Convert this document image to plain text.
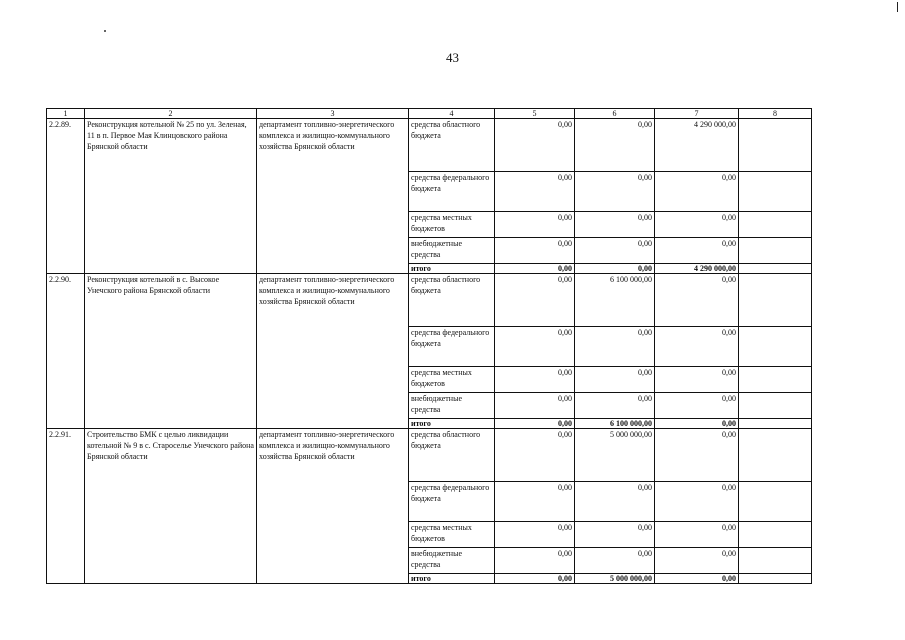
43
1	2	3	4	5	6	7	8
2.2.89.	Реконструкция котельной № 25 по ул. Зеленая, 11 в п. Первое Мая Клинцовского района Брянской области	департамент топливно-энергетического комплекса и жилищно-коммунального хозяйства Брянской области	средства областного бюджета	0,00	0,00	4 290 000,00	
			средства федерального бюджета	0,00	0,00	0,00	
			средства местных бюджетов	0,00	0,00	0,00	
			внебюджетные средства	0,00	0,00	0,00	
			итого	0,00	0,00	4 290 000,00	
2.2.90.	Реконструкция котельной в с. Высокое Унечского района Брянской области	департамент топливно-энергетического комплекса и жилищно-коммунального хозяйства Брянской области	средства областного бюджета	0,00	6 100 000,00	0,00	
			средства федерального бюджета	0,00	0,00	0,00	
			средства местных бюджетов	0,00	0,00	0,00	
			внебюджетные средства	0,00	0,00	0,00	
			итого	0,00	6 100 000,00	0,00	
2.2.91.	Строительство БМК с целью ликвидации котельной № 9 в с. Староселье Унечского района Брянской области	департамент топливно-энергетического комплекса и жилищно-коммунального хозяйства Брянской области	средства областного бюджета	0,00	5 000 000,00	0,00	
			средства федерального бюджета	0,00	0,00	0,00	
			средства местных бюджетов	0,00	0,00	0,00	
			внебюджетные средства	0,00	0,00	0,00	
			итого	0,00	5 000 000,00	0,00	
